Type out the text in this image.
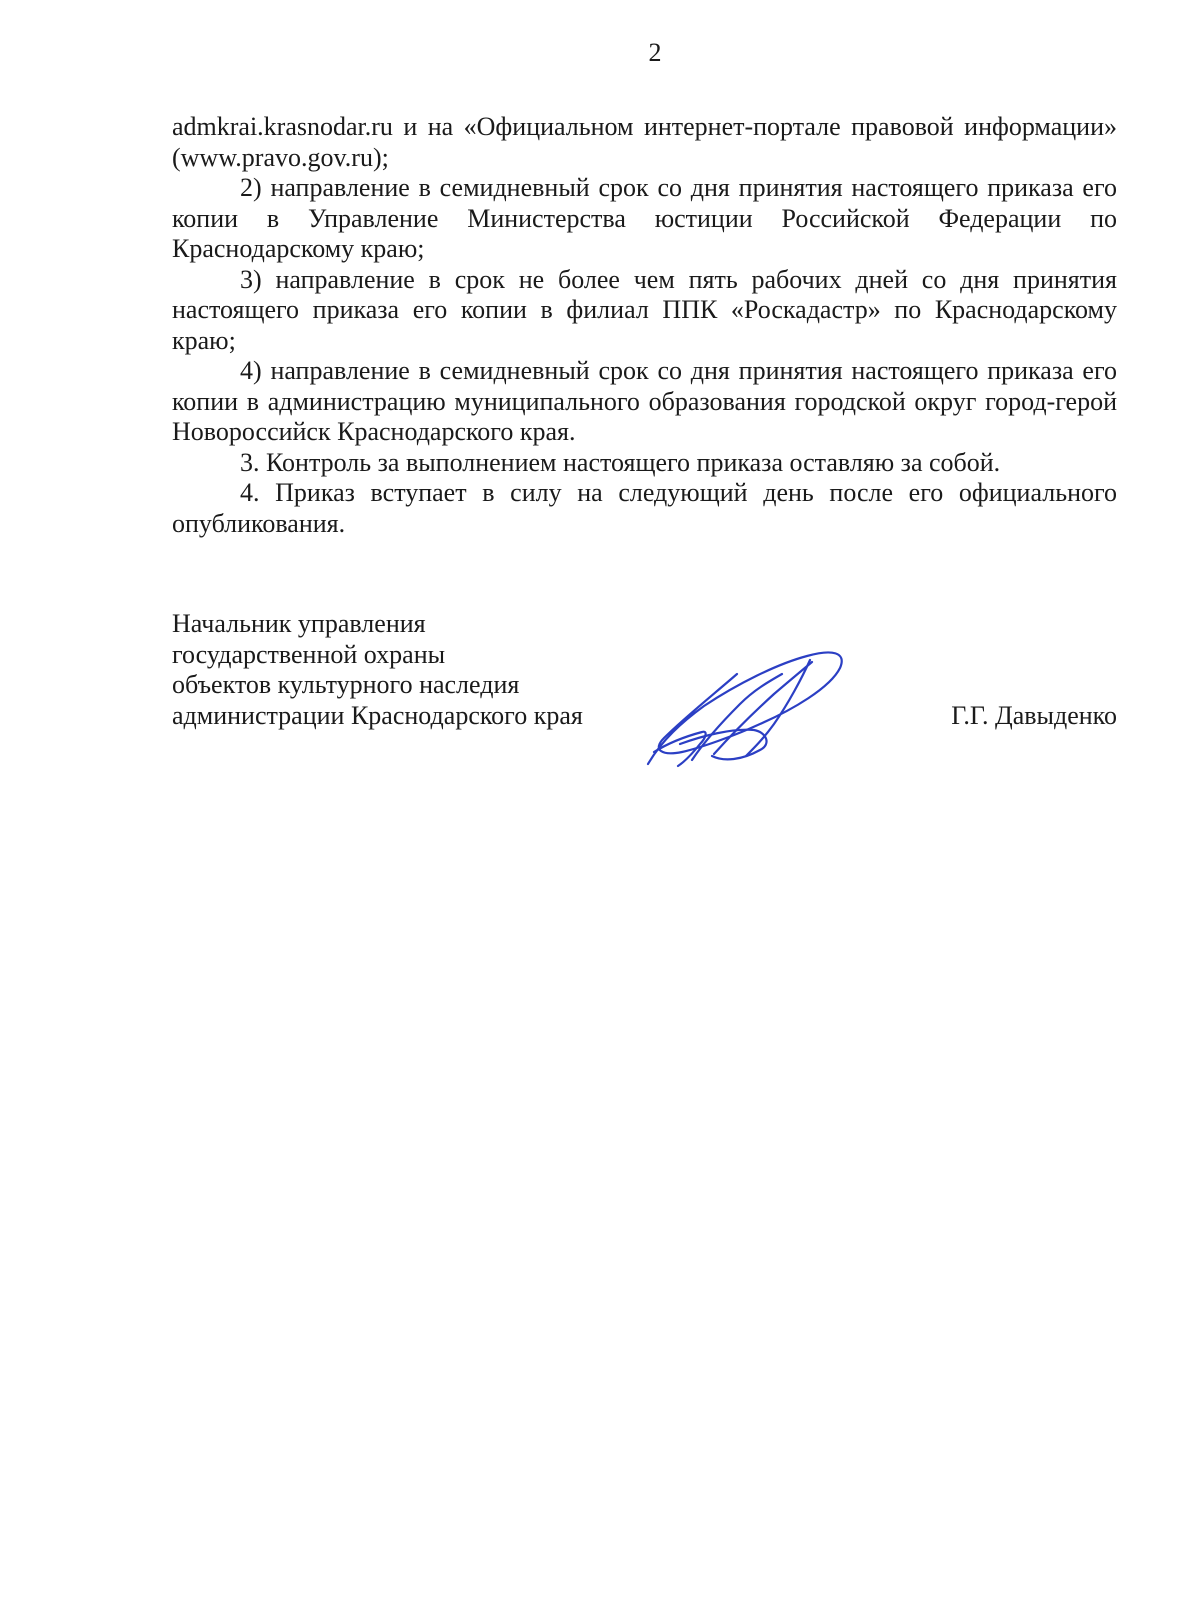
2

admkrai.krasnodar.ru и на «Официальном интернет-портале правовой информации» (www.pravo.gov.ru);

2) направление в семидневный срок со дня принятия настоящего приказа его копии в Управление Министерства юстиции Российской Федерации по Краснодарскому краю;

3) направление в срок не более чем пять рабочих дней со дня принятия настоящего приказа его копии в филиал ППК «Роскадастр» по Краснодарскому краю;

4) направление в семидневный срок со дня принятия настоящего приказа его копии в администрацию муниципального образования городской округ город-герой Новороссийск Краснодарского края.

3. Контроль за выполнением настоящего приказа оставляю за собой.

4. Приказ вступает в силу на следующий день после его официального опубликования.

Начальник управления
государственной охраны
объектов культурного наследия
администрации Краснодарского края	Г.Г. Давыденко
